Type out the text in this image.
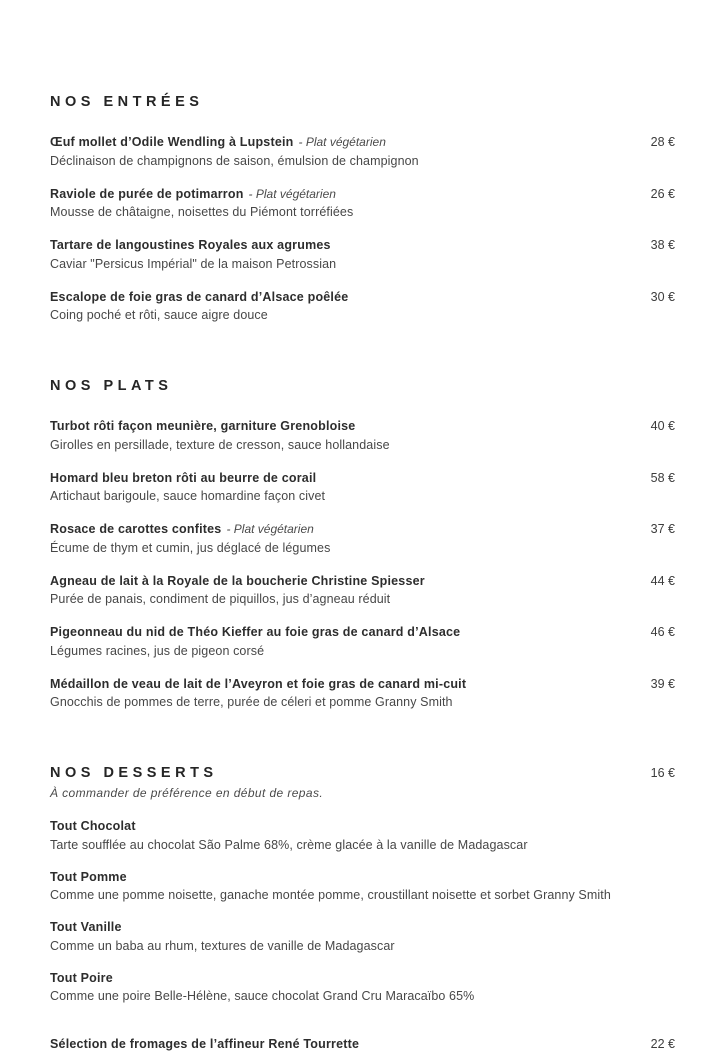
NOS ENTRÉES
Œuf mollet d’Odile Wendling à Lupstein - Plat végétarien	28 €
Déclinaison de champignons de saison, émulsion de champignon
Raviole de purée de potimarron - Plat végétarien	26 €
Mousse de châtaigne, noisettes du Piémont torréfiées
Tartare de langoustines Royales aux agrumes	38 €
Caviar "Persicus Impérial" de la maison Petrossian
Escalope de foie gras de canard d’Alsace poêlée	30 €
Coing poché et rôti, sauce aigre douce
NOS PLATS
Turbot rôti façon meunière, garniture Grenobloise	40 €
Girolles en persillade, texture de cresson, sauce hollandaise
Homard bleu breton rôti au beurre de corail	58 €
Artichaut barigoule, sauce homardine façon civet
Rosace de carottes confites - Plat végétarien	37 €
Écume de thym et cumin, jus déglacé de légumes
Agneau de lait à la Royale de la boucherie Christine Spiesser	44 €
Purée de panais, condiment de piquillos, jus d’agneau réduit
Pigeonneau du nid de Théo Kieffer au foie gras de canard d’Alsace	46 €
Légumes racines, jus de pigeon corsé
Médaillon de veau de lait de l’Aveyron et foie gras de canard mi-cuit	39 €
Gnocchis de pommes de terre, purée de céleri et pomme Granny Smith
NOS DESSERTS	16 €
À commander de préférence en début de repas.
Tout Chocolat
Tarte soufflée au chocolat São Palme 68%, crème glacée à la vanille de Madagascar
Tout Pomme
Comme une pomme noisette, ganache montée pomme, croustillant noisette et sorbet Granny Smith
Tout Vanille
Comme un baba au rhum, textures de vanille de Madagascar
Tout Poire
Comme une poire Belle-Hélène, sauce chocolat Grand Cru Maracaïbo 65%
Sélection de fromages de l’affineur René Tourrette	22 €
